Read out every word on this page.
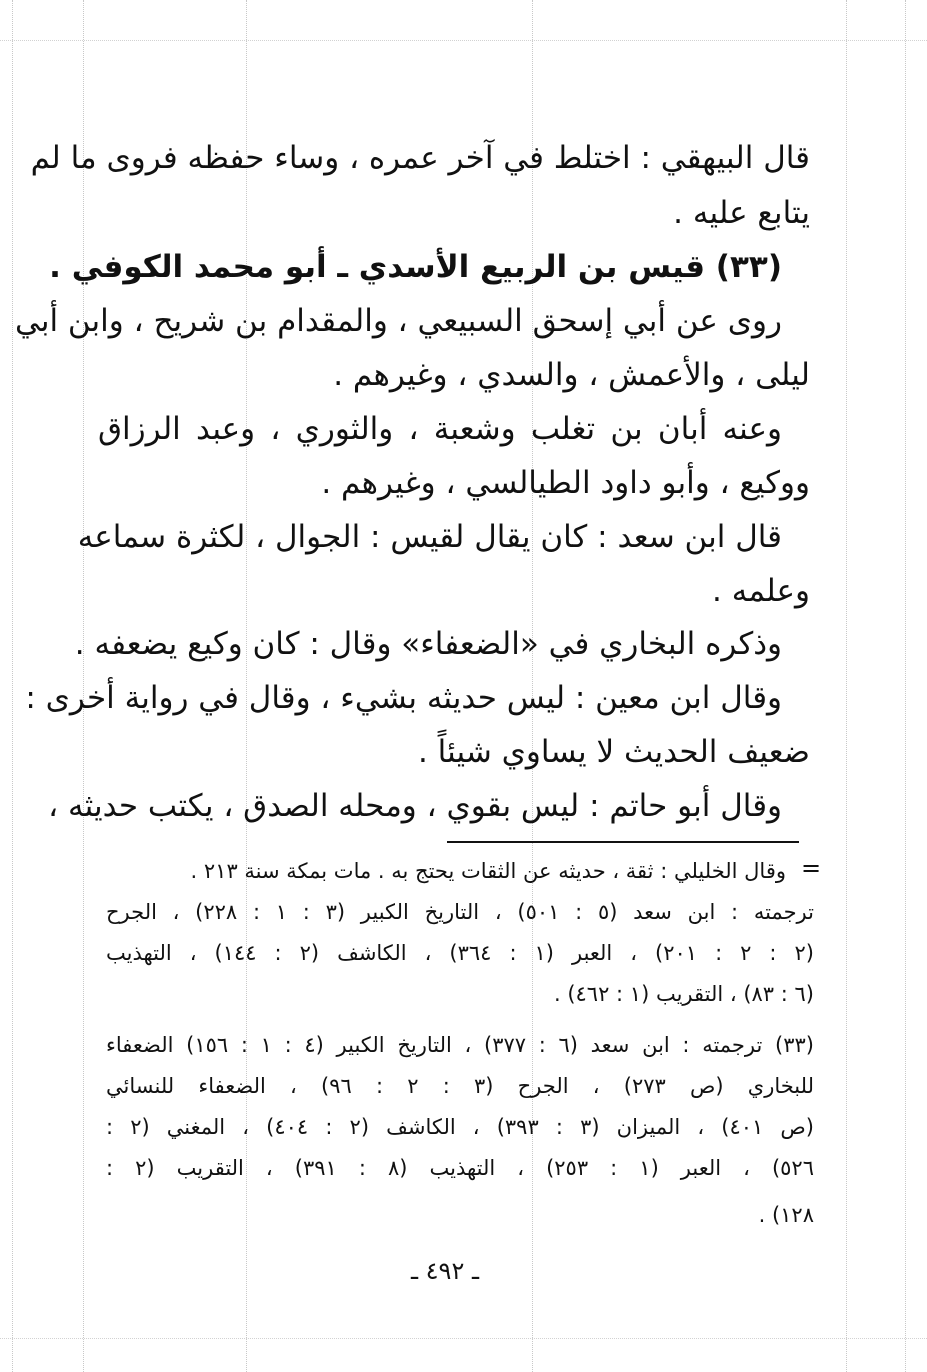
قال البيهقي : اختلط في آخر عمره ، وساء حفظه فروى ما لم
يتابع عليه .
(٣٣) قيس بن الربيع الأسدي ـ أبو محمد الكوفي .
روى عن أبي إسحق السبيعي ، والمقدام بن شريح ، وابن أبي
ليلى ، والأعمش ، والسدي ، وغيرهم .
وعنه أبان بن تغلب وشعبة ، والثوري ، وعبد الرزاق
ووكيع ، وأبو داود الطيالسي ، وغيرهم .
قال ابن سعد : كان يقال لقيس : الجوال ، لكثرة سماعه
وعلمه .
وذكره البخاري في «الضعفاء» وقال : كان وكيع يضعفه .
وقال ابن معين : ليس حديثه بشيء ، وقال في رواية أخرى :
ضعيف الحديث لا يساوي شيئاً .
وقال أبو حاتم : ليس بقوي ، ومحله الصدق ، يكتب حديثه ،
=
وقال الخليلي : ثقة ، حديثه عن الثقات يحتج به . مات بمكة سنة ٢١٣ .
ترجمته : ابن سعد (٥ : ٥٠١) ، التاريخ الكبير (٣ : ١ : ٢٢٨) ، الجرح
(٢ : ٢ : ٢٠١) ، العبر (١ : ٣٦٤) ، الكاشف (٢ : ١٤٤) ، التهذيب
(٦ : ٨٣) ، التقريب (١ : ٤٦٢) .
(٣٣) ترجمته : ابن سعد (٦ : ٣٧٧) ، التاريخ الكبير (٤ : ١ : ١٥٦) الضعفاء
للبخاري (ص ٢٧٣) ، الجرح (٣ : ٢ : ٩٦) ، الضعفاء للنسائي
(ص ٤٠١) ، الميزان (٣ : ٣٩٣) ، الكاشف (٢ : ٤٠٤) ، المغني (٢ :
٥٢٦) ، العبر (١ : ٢٥٣) ، التهذيب (٨ : ٣٩١) ، التقريب (٢ :
١٢٨) .
ـ ٤٩٢ ـ
